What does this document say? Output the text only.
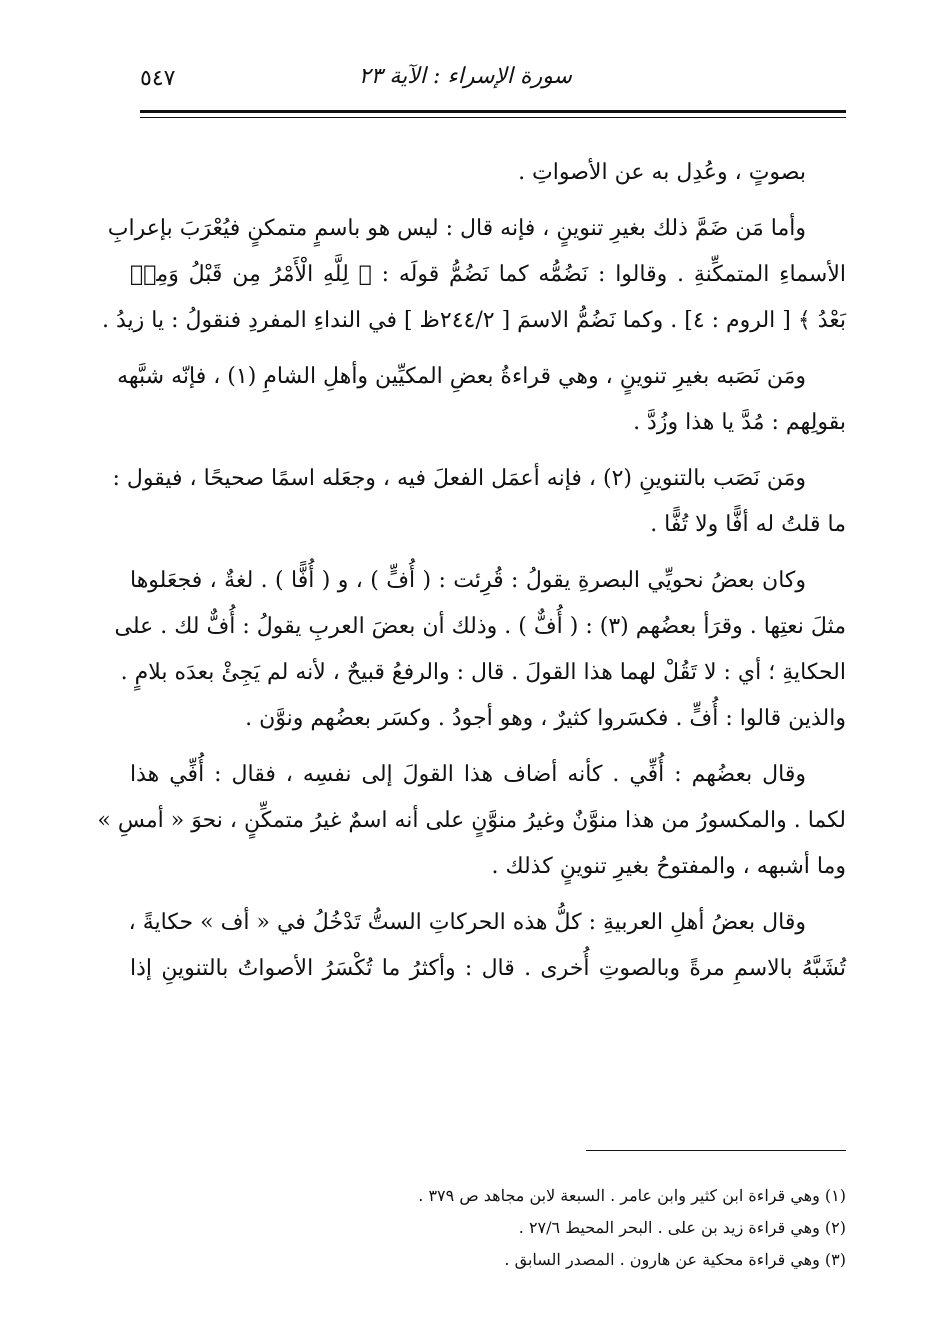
٥٤٧	سورة الإسراء : الآية ٢٣
بصوتٍ ، وعُدِل به عن الأصواتِ .
وأما مَن ضَمَّ ذلك بغيرِ تنوينٍ ، فإنه قال : ليس هو باسمٍ متمكنٍ فيُعْرَبَ بإعرابِ
الأسماءِ المتمكِّنةِ . وقالوا : نَضُمُّه كما نَضُمُّ قولَه : ﴿ لِلَّهِ الْأَمْرُ مِن قَبْلُ وَمِنۢ
بَعْدُ ﴾ [ الروم : ٤] . وكما نَضُمُّ الاسمَ [ ٢٤٤/٢ظ ] في النداءِ المفردِ فنقولُ : يا زيدُ .
ومَن نَصَبه بغيرِ تنوينٍ ، وهي قراءةُ بعضِ المكيِّين وأهلِ الشامِ (١) ، فإنّه شبَّهه
بقولِهم : مُدَّ يا هذا وزُدَّ .
ومَن نَصَب بالتنوينِ (٢) ، فإنه أعمَل الفعلَ فيه ، وجعَله اسمًا صحيحًا ، فيقول :
ما قلتُ له أفًّا ولا تُفًّا .
وكان بعضُ نحويِّي البصرةِ يقولُ : قُرِئت : ( أُفٍّ ) ، و ( أُفًّا ) . لغةٌ ، فجعَلوها
مثلَ نعتِها . وقرَأ بعضُهم (٣) : ( أُفٌّ ) . وذلك أن بعضَ العربِ يقولُ : أُفٌّ لك . على
الحكايةِ ؛ أي : لا تَقُلْ لهما هذا القولَ . قال : والرفعُ قبيحٌ ، لأنه لم يَجِئْ بعدَه بلامٍ .
والذين قالوا : أُفٍّ . فكسَروا كثيرٌ ، وهو أجودُ . وكسَر بعضُهم ونوَّن .
وقال بعضُهم : أُفِّي . كأنه أضاف هذا القولَ إلى نفسِه ، فقال : أُفِّي هذا
لكما . والمكسورُ من هذا منوَّنٌ وغيرُ منوَّنٍ على أنه اسمٌ غيرُ متمكِّنٍ ، نحوَ « أمسِ »
وما أشبهه ، والمفتوحُ بغيرِ تنوينٍ كذلك .
وقال بعضُ أهلِ العربيةِ : كلُّ هذه الحركاتِ الستُّ تَدْخُلُ في « أف » حكايةً ،
تُشَبَّهُ بالاسمِ مرةً وبالصوتِ أُخرى . قال : وأكثرُ ما تُكْسَرُ الأصواتُ بالتنوينِ إذا
(١) وهي قراءة ابن كثير وابن عامر . السبعة لابن مجاهد ص ٣٧٩ .
(٢) وهي قراءة زيد بن على . البحر المحيط ٢٧/٦ .
(٣) وهي قراءة محكية عن هارون . المصدر السابق .
